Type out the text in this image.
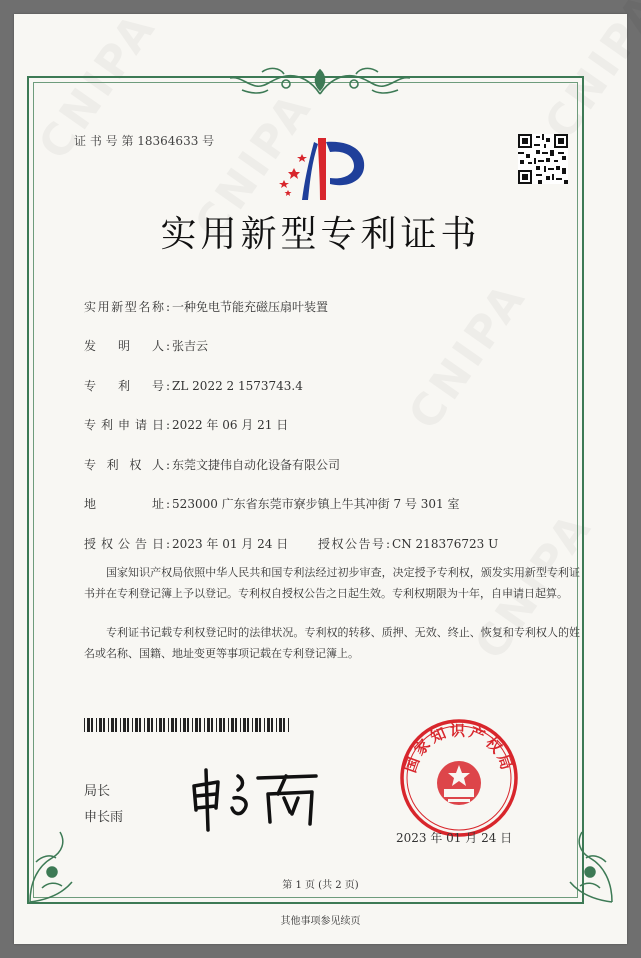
证 书 号 第 18364633 号
实用新型专利证书
实用新型名称 : 一种免电节能充磁压扇叶装置
发 明 人 : 张吉云
专 利 号 : ZL 2022 2 1573743.4
专利申请日 : 2022 年 06 月 21 日
专 利 权 人 : 东莞文捷伟自动化设备有限公司
地 址 : 523000 广东省东莞市寮步镇上牛其冲街 7 号 301 室
授权公告日 : 2023 年 01 月 24 日 授权公告号 : CN 218376723 U
国家知识产权局依照中华人民共和国专利法经过初步审查，决定授予专利权，颁发实用新型专利证书并在专利登记簿上予以登记。专利权自授权公告之日起生效。专利权期限为十年，自申请日起算。
专利证书记载专利权登记时的法律状况。专利权的转移、质押、无效、终止、恢复和专利权人的姓名或名称、国籍、地址变更等事项记载在专利登记簿上。
局长
申长雨
国家知识产权局
2023 年 01 月 24 日
第 1 页 (共 2 页)
其他事项参见续页
